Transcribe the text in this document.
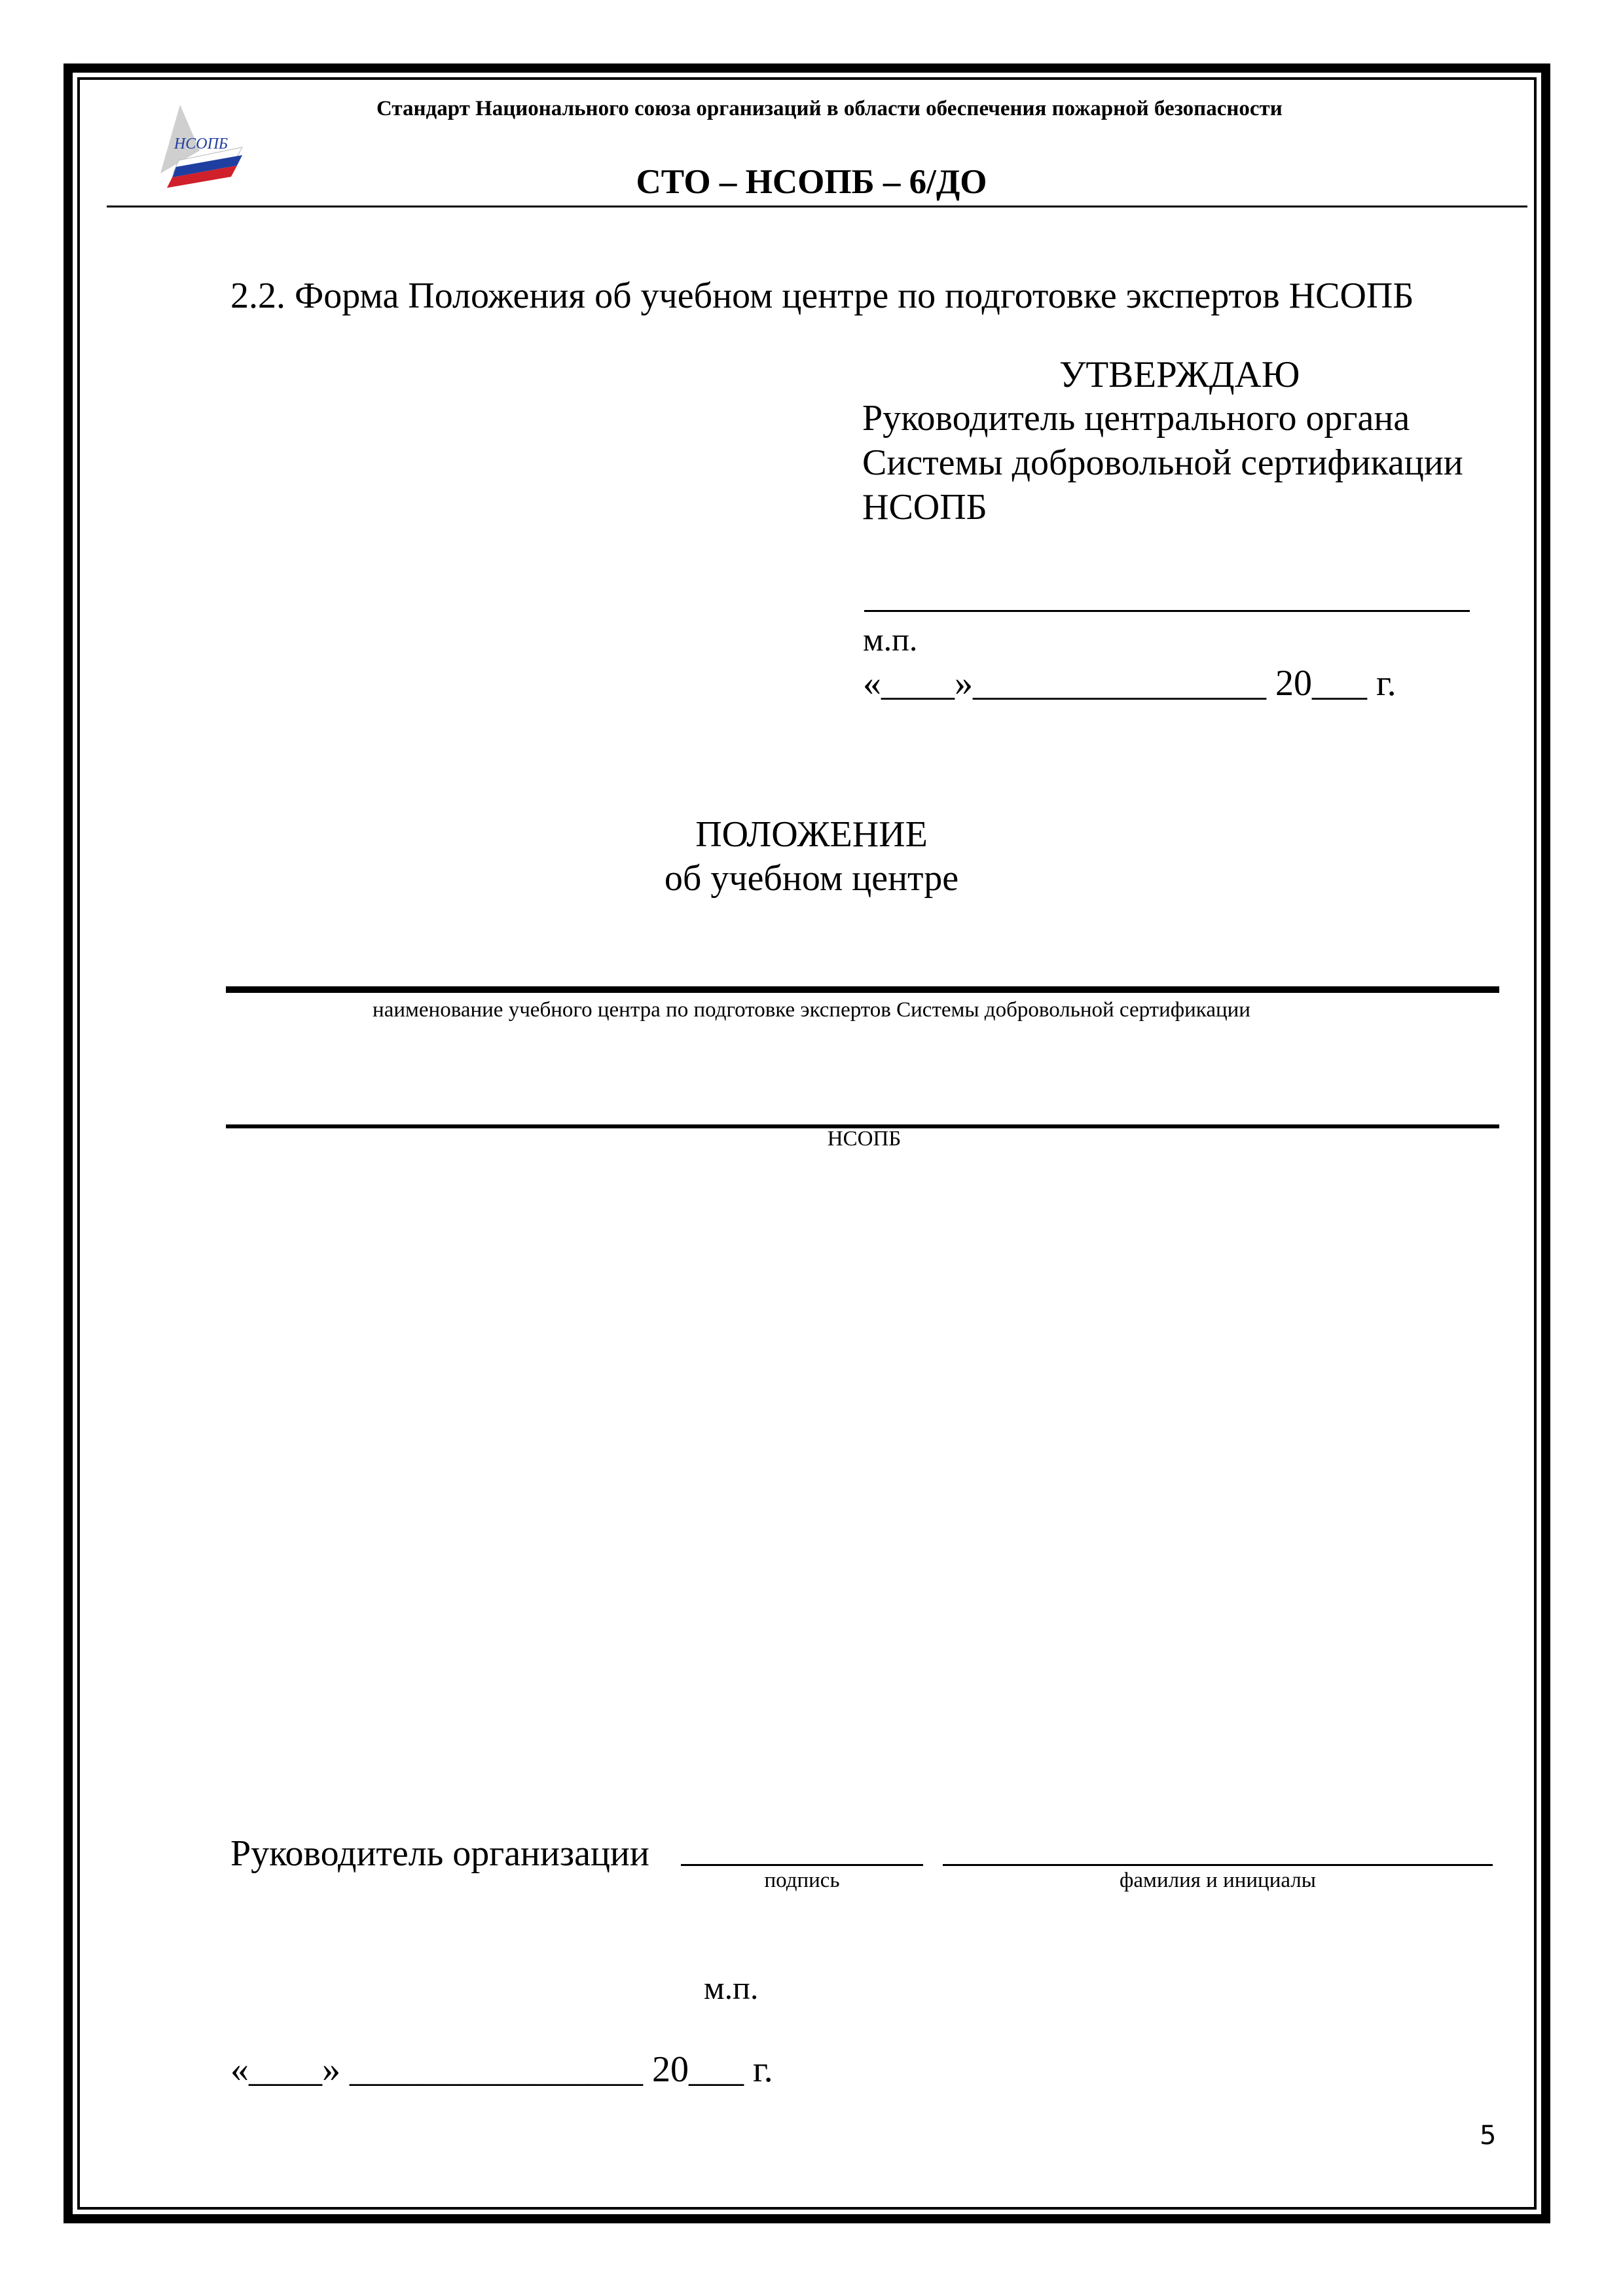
НСОПБ
Стандарт Национального союза организаций в области обеспечения пожарной безопасности
СТО – НСОПБ – 6/ДО
2.2. Форма Положения об учебном центре по подготовке экспертов НСОПБ
УТВЕРЖДАЮ
Руководитель центрального органа Системы добровольной сертификации НСОПБ
м.п.
«____»________________ 20___ г.
ПОЛОЖЕНИЕ
об учебном центре
наименование учебного центра по подготовке экспертов Системы добровольной сертификации
НСОПБ
Руководитель организации
подпись	фамилия и инициалы
м.п.
«____» ________________ 20___ г.
5
